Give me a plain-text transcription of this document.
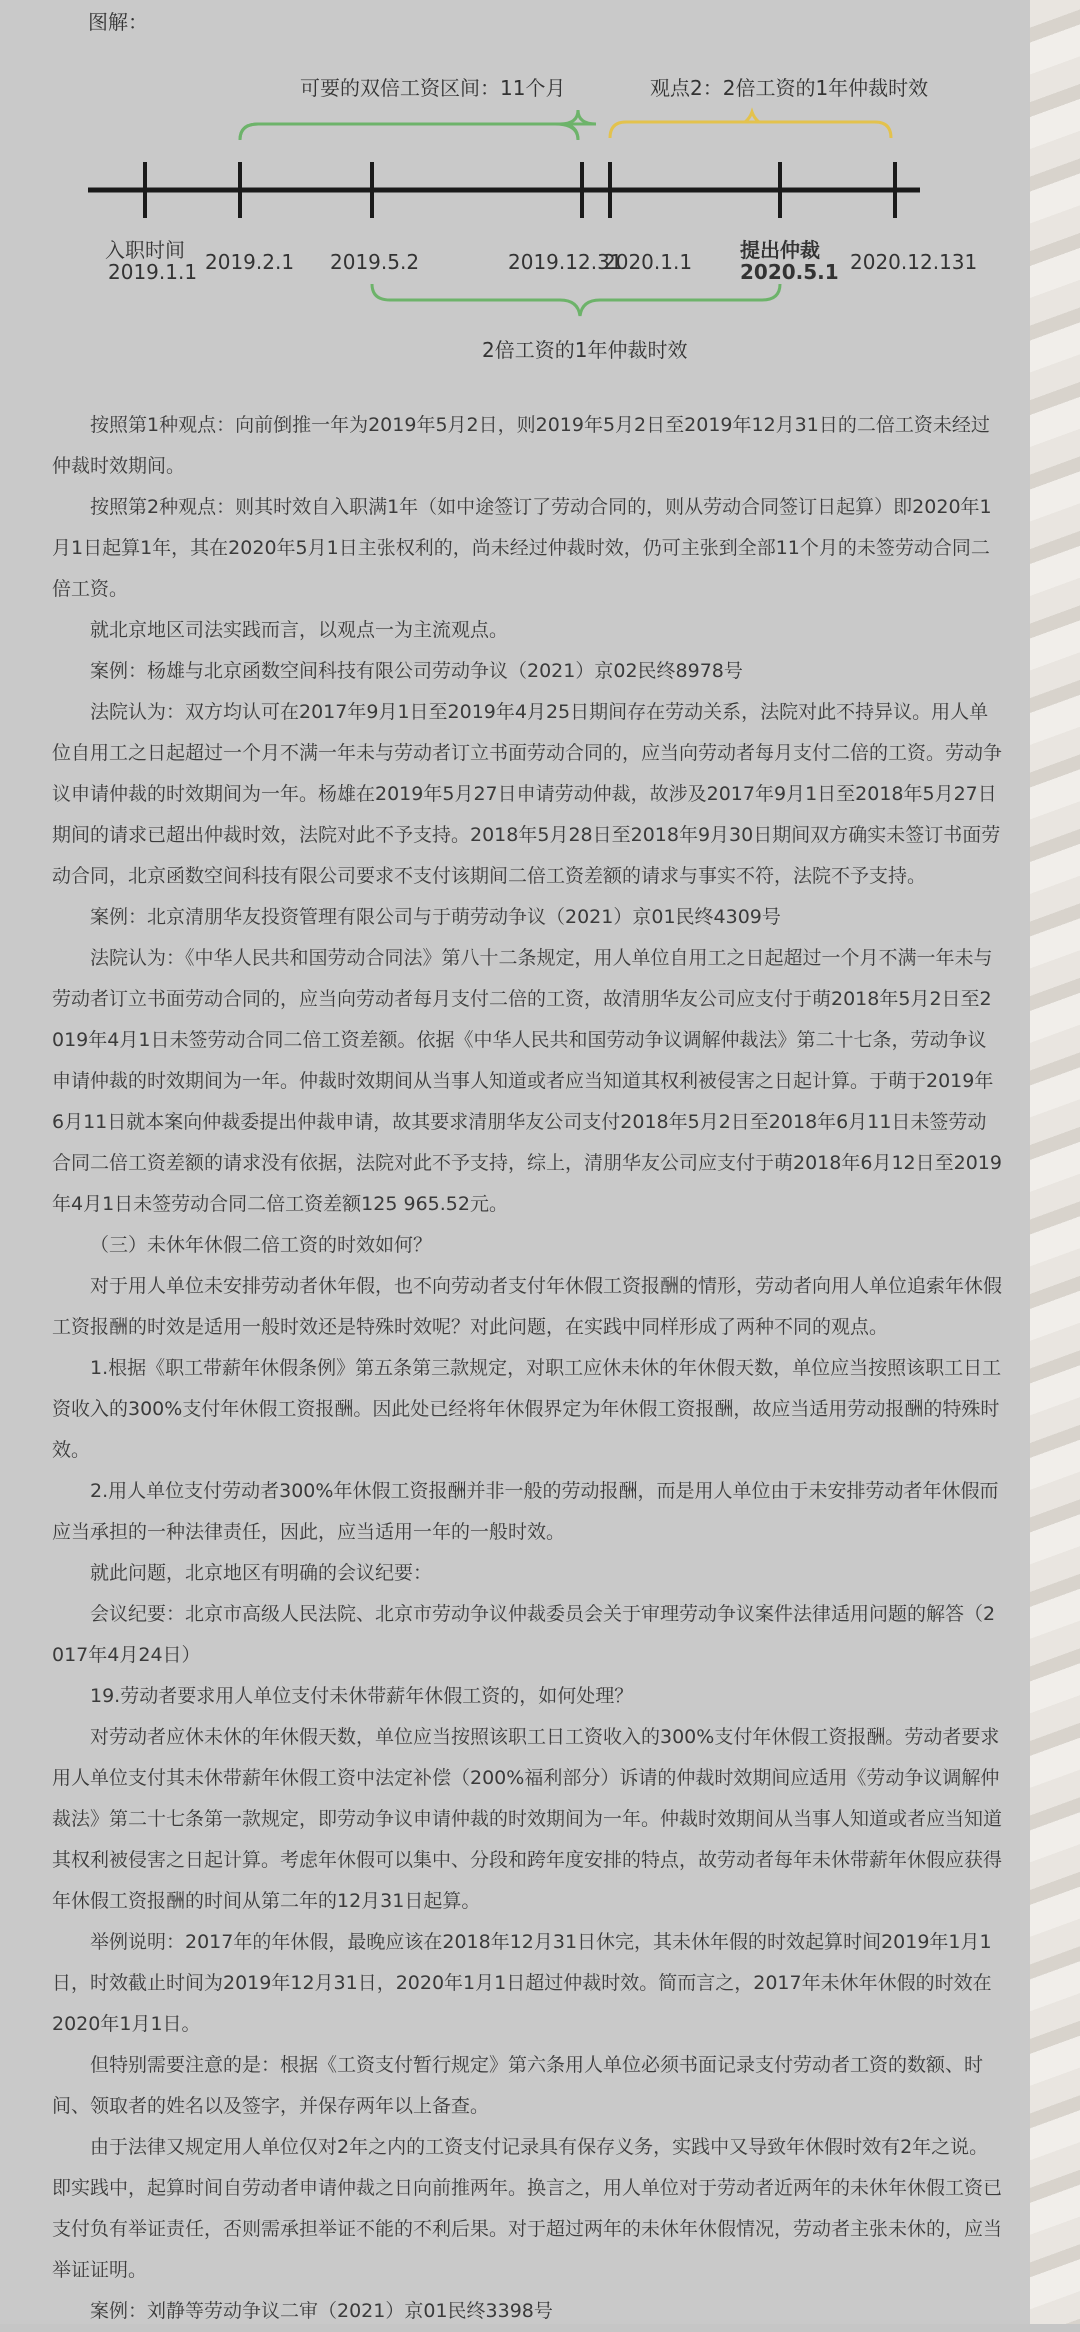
图解：
可要的双倍工资区间：11个月	观点2：2倍工资的1年仲裁时效
入职时间
2019.1.1 2019.2.1 2019.5.2	2019.12.31
2020.1.1 提出仲裁
2020.5.1 2020.12.131
2倍工资的1年仲裁时效

按照第1种观点：向前倒推一年为2019年5月2日，则2019年5月2日至2019年12月31日的二倍工资未经过仲裁时效期间。

按照第2种观点：则其时效自入职满1年（如中途签订了劳动合同的，则从劳动合同签订日起算）即2020年1月1日起算1年，其在2020年5月1日主张权利的，尚未经过仲裁时效，仍可主张到全部11个月的未签劳动合同二倍工资。

就北京地区司法实践而言，以观点一为主流观点。

案例：杨雄与北京函数空间科技有限公司劳动争议（2021）京02民终8978号

法院认为：双方均认可在2017年9月1日至2019年4月25日期间存在劳动关系，法院对此不持异议。用人单位自用工之日起超过一个月不满一年未与劳动者订立书面劳动合同的，应当向劳动者每月支付二倍的工资。劳动争议申请仲裁的时效期间为一年。杨雄在2019年5月27日申请劳动仲裁，故涉及2017年9月1日至2018年5月27日期间的请求已超出仲裁时效，法院对此不予支持。2018年5月28日至2018年9月30日期间双方确实未签订书面劳动合同，北京函数空间科技有限公司要求不支付该期间二倍工资差额的请求与事实不符，法院不予支持。

案例：北京清朋华友投资管理有限公司与于萌劳动争议（2021）京01民终4309号

法院认为：《中华人民共和国劳动合同法》第八十二条规定，用人单位自用工之日起超过一个月不满一年未与劳动者订立书面劳动合同的，应当向劳动者每月支付二倍的工资，故清朋华友公司应支付于萌2018年5月2日至2019年4月1日未签劳动合同二倍工资差额。依据《中华人民共和国劳动争议调解仲裁法》第二十七条，劳动争议申请仲裁的时效期间为一年。仲裁时效期间从当事人知道或者应当知道其权利被侵害之日起计算。于萌于2019年6月11日就本案向仲裁委提出仲裁申请，故其要求清朋华友公司支付2018年5月2日至2018年6月11日未签劳动合同二倍工资差额的请求没有依据，法院对此不予支持，综上，清朋华友公司应支付于萌2018年6月12日至2019年4月1日未签劳动合同二倍工资差额125 965.52元。

（三）未休年休假二倍工资的时效如何？

对于用人单位未安排劳动者休年假，也不向劳动者支付年休假工资报酬的情形，劳动者向用人单位追索年休假工资报酬的时效是适用一般时效还是特殊时效呢？对此问题，在实践中同样形成了两种不同的观点。

1.根据《职工带薪年休假条例》第五条第三款规定，对职工应休未休的年休假天数，单位应当按照该职工日工资收入的300%支付年休假工资报酬。因此处已经将年休假界定为年休假工资报酬，故应当适用劳动报酬的特殊时效。

2.用人单位支付劳动者300%年休假工资报酬并非一般的劳动报酬，而是用人单位由于未安排劳动者年休假而应当承担的一种法律责任，因此，应当适用一年的一般时效。

就此问题，北京地区有明确的会议纪要：

会议纪要：北京市高级人民法院、北京市劳动争议仲裁委员会关于审理劳动争议案件法律适用问题的解答（2017年4月24日）

19.劳动者要求用人单位支付未休带薪年休假工资的，如何处理？

对劳动者应休未休的年休假天数，单位应当按照该职工日工资收入的300%支付年休假工资报酬。劳动者要求用人单位支付其未休带薪年休假工资中法定补偿（200%福利部分）诉请的仲裁时效期间应适用《劳动争议调解仲裁法》第二十七条第一款规定，即劳动争议申请仲裁的时效期间为一年。仲裁时效期间从当事人知道或者应当知道其权利被侵害之日起计算。考虑年休假可以集中、分段和跨年度安排的特点，故劳动者每年未休带薪年休假应获得年休假工资报酬的时间从第二年的12月31日起算。

举例说明：2017年的年休假，最晚应该在2018年12月31日休完，其未休年假的时效起算时间2019年1月1日，时效截止时间为2019年12月31日，2020年1月1日超过仲裁时效。简而言之，2017年未休年休假的时效在2020年1月1日。

但特别需要注意的是：根据《工资支付暂行规定》第六条用人单位必须书面记录支付劳动者工资的数额、时间、领取者的姓名以及签字，并保存两年以上备查。

由于法律又规定用人单位仅对2年之内的工资支付记录具有保存义务，实践中又导致年休假时效有2年之说。即实践中，起算时间自劳动者申请仲裁之日向前推两年。换言之，用人单位对于劳动者近两年的未休年休假工资已支付负有举证责任，否则需承担举证不能的不利后果。对于超过两年的未休年休假情况，劳动者主张未休的，应当举证证明。

案例：刘静等劳动争议二审（2021）京01民终3398号
